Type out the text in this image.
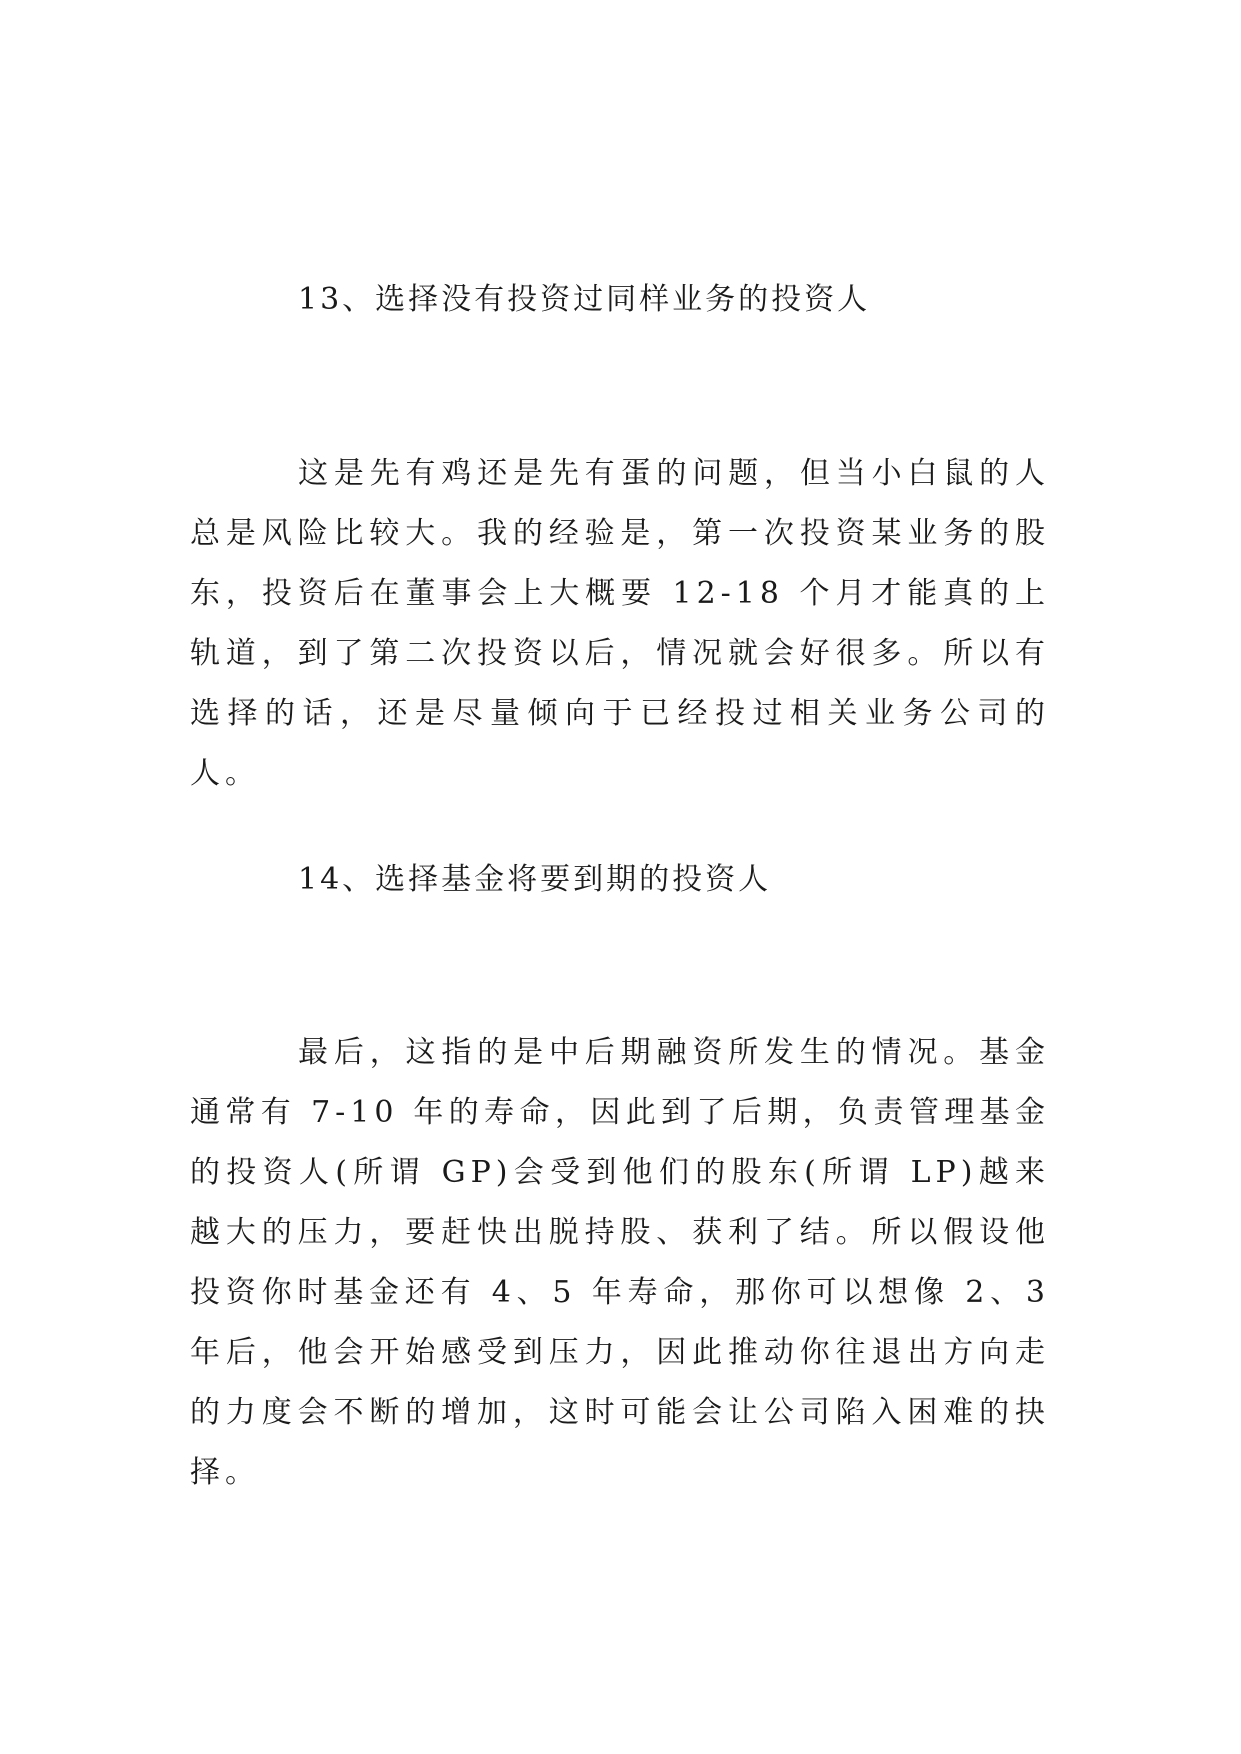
13、选择没有投资过同样业务的投资人

这是先有鸡还是先有蛋的问题，但当小白鼠的人总是风险比较大。我的经验是，第一次投资某业务的股东，投资后在董事会上大概要 12-18 个月才能真的上轨道，到了第二次投资以后，情况就会好很多。所以有选择的话，还是尽量倾向于已经投过相关业务公司的人。

14、选择基金将要到期的投资人

最后，这指的是中后期融资所发生的情况。基金通常有 7-10 年的寿命，因此到了后期，负责管理基金的投资人(所谓 GP)会受到他们的股东(所谓 LP)越来越大的压力，要赶快出脱持股、获利了结。所以假设他投资你时基金还有 4、5 年寿命，那你可以想像 2、3 年后，他会开始感受到压力，因此推动你往退出方向走的力度会不断的增加，这时可能会让公司陷入困难的抉择。
